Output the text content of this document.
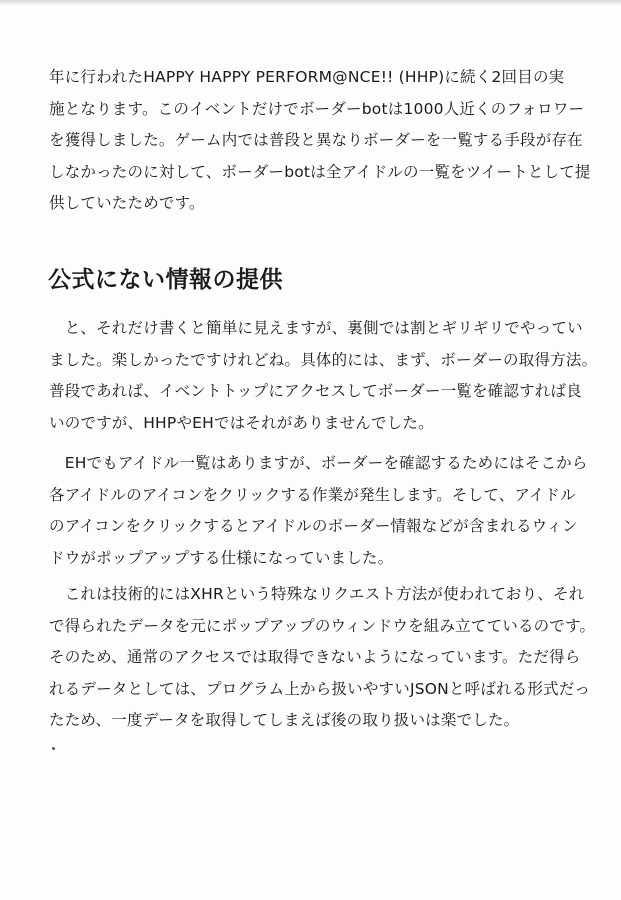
年に行われたHAPPY HAPPY PERFORM@NCE!! (HHP)に続く2回目の実
施となります。このイベントだけでボーダーbotは1000人近くのフォロワー
を獲得しました。ゲーム内では普段と異なりボーダーを一覧する手段が存在
しなかったのに対して、ボーダーbotは全アイドルの一覧をツイートとして提
供していたためです。

公式にない情報の提供

　と、それだけ書くと簡単に見えますが、裏側では割とギリギリでやってい
ました。楽しかったですけれどね。具体的には、まず、ボーダーの取得方法。
普段であれば、イベントトップにアクセスしてボーダー一覧を確認すれば良
いのですが、HHPやEHではそれがありませんでした。

　EHでもアイドル一覧はありますが、ボーダーを確認するためにはそこから
各アイドルのアイコンをクリックする作業が発生します。そして、アイドル
のアイコンをクリックするとアイドルのボーダー情報などが含まれるウィン
ドウがポップアップする仕様になっていました。

　これは技術的にはXHRという特殊なリクエスト方法が使われており、それ
で得られたデータを元にポップアップのウィンドウを組み立てているのです。
そのため、通常のアクセスでは取得できないようになっています。ただ得ら
れるデータとしては、プログラム上から扱いやすいJSONと呼ばれる形式だっ
たため、一度データを取得してしまえば後の取り扱いは楽でした。
